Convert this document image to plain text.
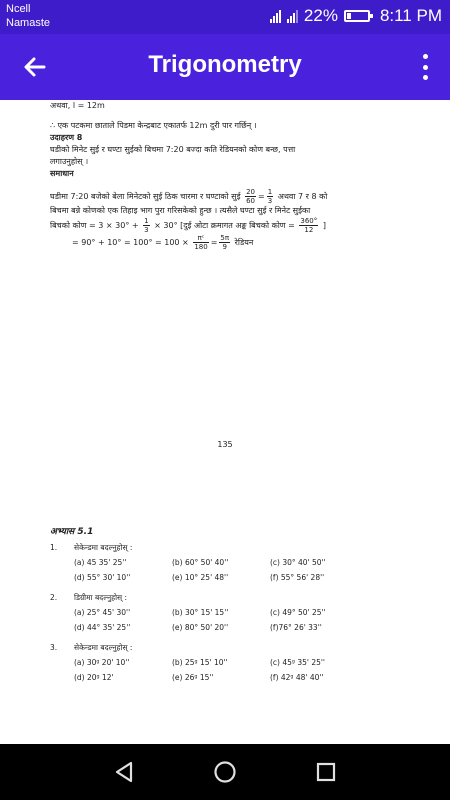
Ncell
Namaste	22% 8:11 PM
Trigonometry
अथवा, l = 12m
∴ एक पटकमा छाताले पिडमा केन्द्रबाट एकातर्फ 12m दुरी पार गर्छिन् ।
उदाहरण 8
घडीको मिनेट सुई र घण्टा सुईको बिचमा 7:20 बज्दा कति रेडियनको कोण बन्छ, पत्ता
लगाउनुहोस् ।
समाधान
घडीमा 7:20 बजेको बेला मिनेटको सुई ठिक चारमा र घण्टाको सुई $\frac{20}{60} = \frac{1}{3}$ अथवा 7 र 8 को
बिचमा बन्ने कोणको एक तिहाइ भाग पुरा गरिसकेको हुन्छ । त्यसैले घण्टा सुई र मिनेट सुईका
बिचको कोण = $3 \times 30^\circ + \frac{1}{3} \times 30^\circ$ [दुई ओटा क्रमागत अङ्क बिचको कोण = $\frac{360^\circ}{12}$ ]
= $90^\circ + 10^\circ = 100^\circ = 100 \times \frac{\text{πᶜ}}{180} = \frac{5\pi}{9}$ रेडियन
135
अभ्यास 5.1
1.	सेकेन्डमा बदल्नुहोस् :
(a) 45 35' 25''	(b) 60° 50' 40''	(c) 30° 40' 50''
(d) 55° 30' 10''	(e) 10° 25' 48''	(f) 55° 56' 28''
2.	डिग्रीमा बदल्नुहोस् :
(a) 25° 45' 30''	(b) 30° 15' 15''	(c) 49° 50' 25''
(d) 44° 35' 25''	(e) 80° 50' 20''	(f)76° 26' 33''
3.	सेकेन्डमा बदल्नुहोस् :
(a) 30ᵍ 20' 10''	(b) 25ᵍ 15' 10''	(c) 45ᵍ 35' 25''
(d) 20ᵍ 12'	(e) 26ᵍ 15''	(f) 42ᵍ 48' 40''
